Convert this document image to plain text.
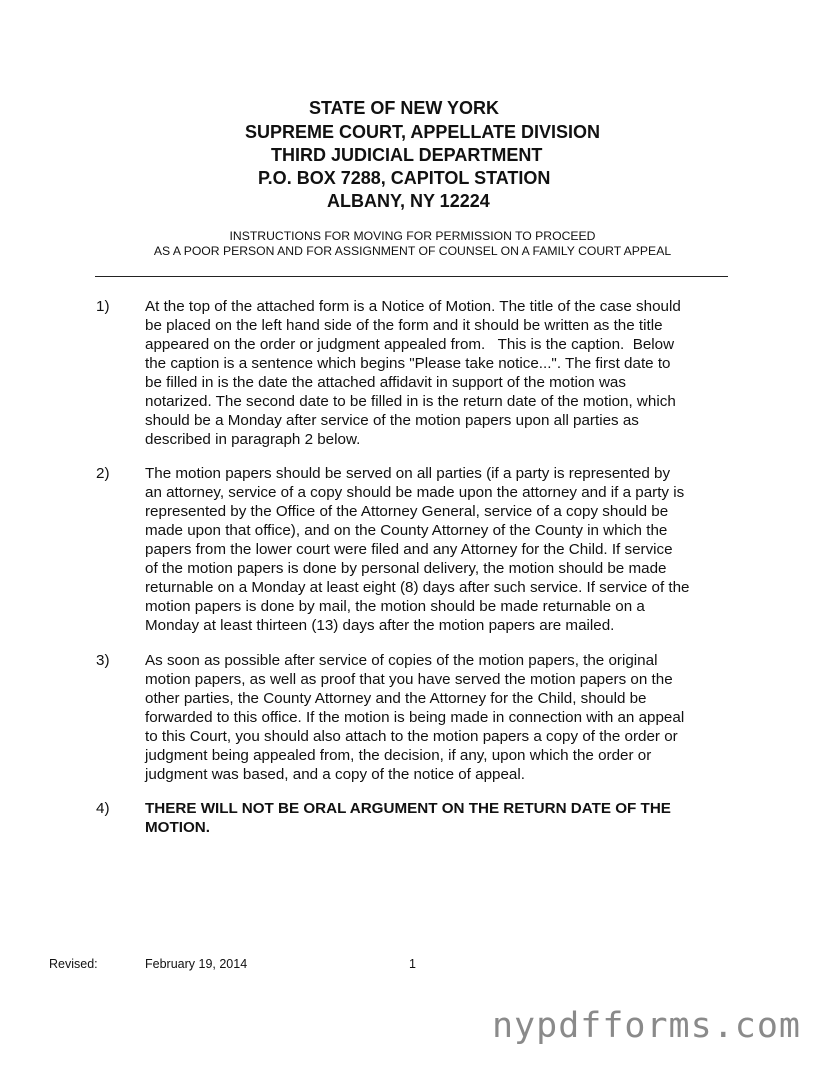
STATE OF NEW YORK
SUPREME COURT, APPELLATE DIVISION
THIRD JUDICIAL DEPARTMENT
P.O. BOX 7288, CAPITOL STATION
ALBANY, NY 12224
INSTRUCTIONS FOR MOVING FOR PERMISSION TO PROCEED
AS A POOR PERSON AND FOR ASSIGNMENT OF COUNSEL ON A FAMILY COURT APPEAL
1) At the top of the attached form is a Notice of Motion. The title of the case should
be placed on the left hand side of the form and it should be written as the title
appeared on the order or judgment appealed from.   This is the caption.  Below
the caption is a sentence which begins "Please take notice...". The first date to
be filled in is the date the attached affidavit in support of the motion was
notarized. The second date to be filled in is the return date of the motion, which
should be a Monday after service of the motion papers upon all parties as
described in paragraph 2 below.
2) The motion papers should be served on all parties (if a party is represented by
an attorney, service of a copy should be made upon the attorney and if a party is
represented by the Office of the Attorney General, service of a copy should be
made upon that office), and on the County Attorney of the County in which the
papers from the lower court were filed and any Attorney for the Child. If service
of the motion papers is done by personal delivery, the motion should be made
returnable on a Monday at least eight (8) days after such service. If service of the
motion papers is done by mail, the motion should be made returnable on a
Monday at least thirteen (13) days after the motion papers are mailed.
3) As soon as possible after service of copies of the motion papers, the original
motion papers, as well as proof that you have served the motion papers on the
other parties, the County Attorney and the Attorney for the Child, should be
forwarded to this office. If the motion is being made in connection with an appeal
to this Court, you should also attach to the motion papers a copy of the order or
judgment being appealed from, the decision, if any, upon which the order or
judgment was based, and a copy of the notice of appeal.
4) THERE WILL NOT BE ORAL ARGUMENT ON THE RETURN DATE OF THE
MOTION.
Revised:	February 19, 2014	1
nypdfforms.com
